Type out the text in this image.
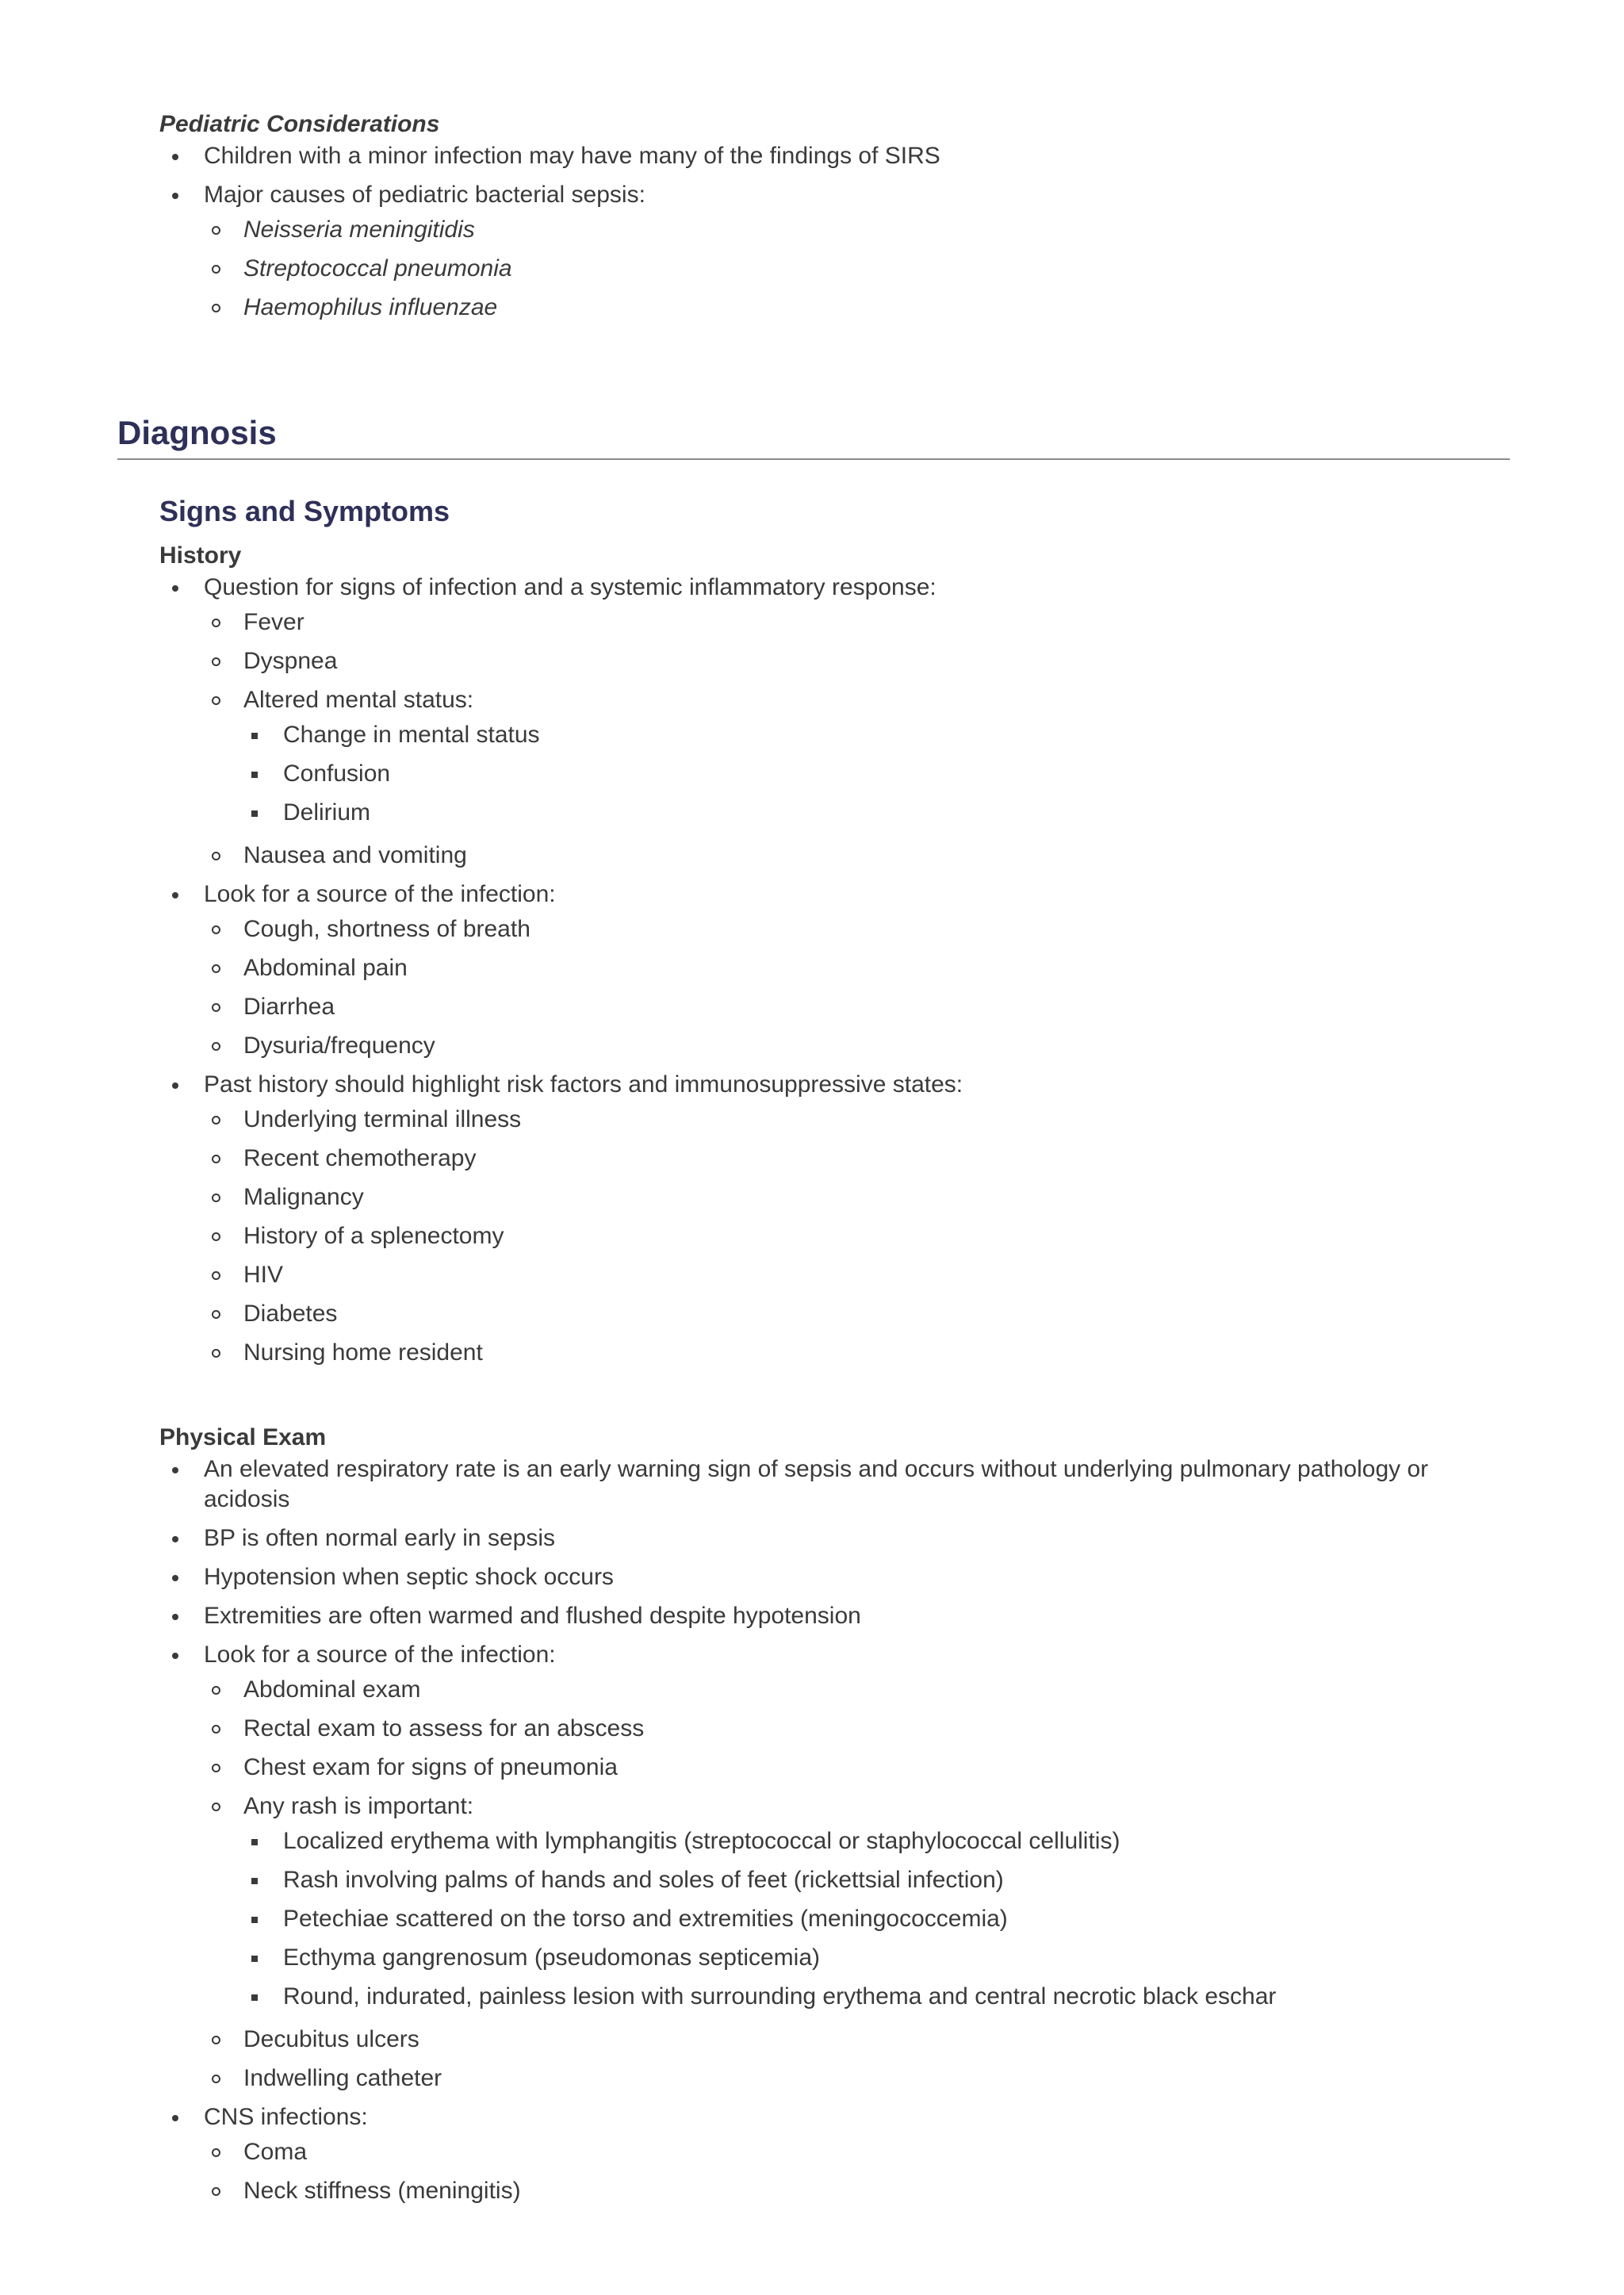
Pediatric Considerations

Children with a minor infection may have many of the findings of SIRS
Major causes of pediatric bacterial sepsis:
Neisseria meningitidis
Streptococcal pneumonia
Haemophilus influenzae
Diagnosis
Signs and Symptoms

History

Question for signs of infection and a systemic inflammatory response:
Fever
Dyspnea
Altered mental status:
Change in mental status
Confusion
Delirium
Nausea and vomiting
Look for a source of the infection:
Cough, shortness of breath
Abdominal pain
Diarrhea
Dysuria/frequency
Past history should highlight risk factors and immunosuppressive states:
Underlying terminal illness
Recent chemotherapy
Malignancy
History of a splenectomy
HIV
Diabetes
Nursing home resident

Physical Exam

An elevated respiratory rate is an early warning sign of sepsis and occurs without underlying pulmonary pathology or acidosis
BP is often normal early in sepsis
Hypotension when septic shock occurs
Extremities are often warmed and flushed despite hypotension
Look for a source of the infection:
Abdominal exam
Rectal exam to assess for an abscess
Chest exam for signs of pneumonia
Any rash is important:
Localized erythema with lymphangitis (streptococcal or staphylococcal cellulitis)
Rash involving palms of hands and soles of feet (rickettsial infection)
Petechiae scattered on the torso and extremities (meningococcemia)
Ecthyma gangrenosum (pseudomonas septicemia)
Round, indurated, painless lesion with surrounding erythema and central necrotic black eschar
Decubitus ulcers
Indwelling catheter
CNS infections:
Coma
Neck stiffness (meningitis)
